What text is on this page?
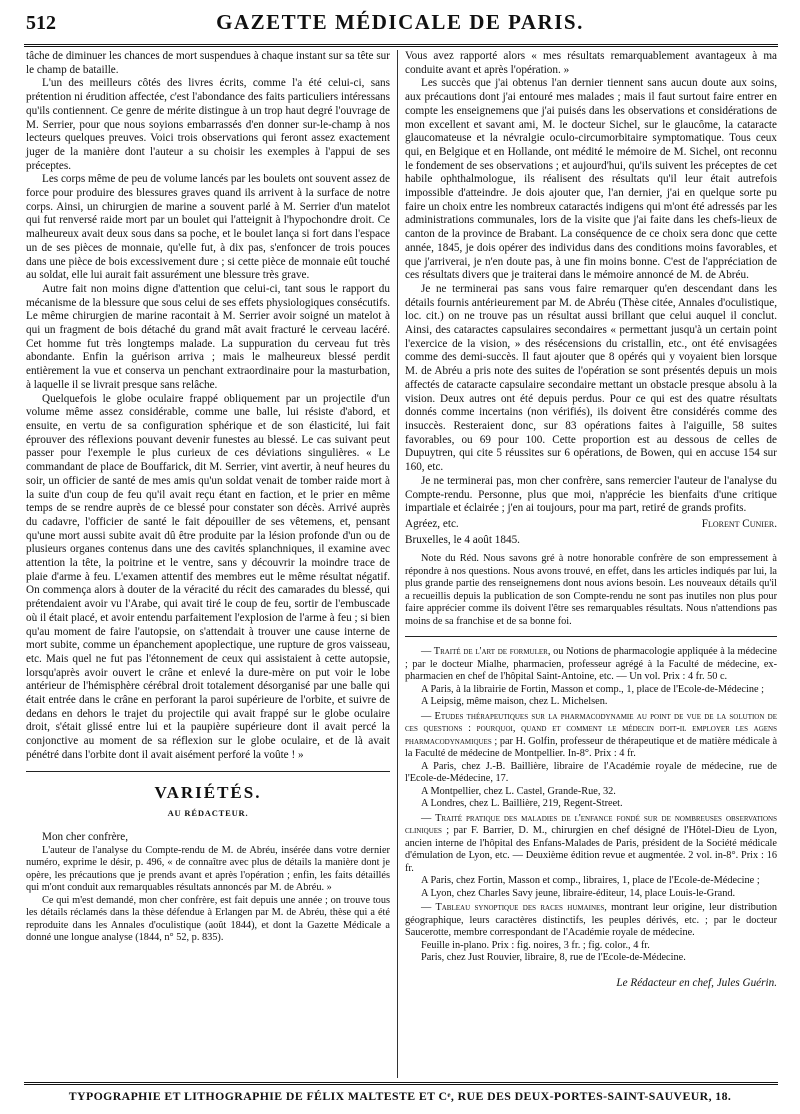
512	GAZETTE MÉDICALE DE PARIS.

tâche de diminuer les chances de mort suspendues à chaque instant sur sa tête sur le champ de bataille.

L'un des meilleurs côtés des livres écrits, comme l'a été celui-ci, sans prétention ni érudition affectée, c'est l'abondance des faits particuliers intéressans qu'ils contiennent. Ce genre de mérite distingue à un trop haut degré l'ouvrage de M. Serrier, pour que nous soyions embarrassés d'en donner sur-le-champ à nos lecteurs quelques preuves. Voici trois observations qui feront assez exactement juger de la manière dont l'auteur a su choisir les exemples à l'appui de ses préceptes.

Les corps même de peu de volume lancés par les boulets ont souvent assez de force pour produire des blessures graves quand ils arrivent à la surface de notre corps. Ainsi, un chirurgien de marine a souvent parlé à M. Serrier d'un matelot qui fut renversé raide mort par un boulet qui l'atteignit à l'hypochondre droit. Ce malheureux avait deux sous dans sa poche, et le boulet lança si fort dans l'espace un de ses pièces de monnaie, qu'elle fut, à dix pas, s'enfoncer de trois pouces dans une pièce de bois excessivement dure ; si cette pièce de monnaie eût touché au soldat, elle lui aurait fait assurément une blessure très grave.

Autre fait non moins digne d'attention que celui-ci, tant sous le rapport du mécanisme de la blessure que sous celui de ses effets physiologiques consécutifs. Le même chirurgien de marine racontait à M. Serrier avoir soigné un matelot à qui un fragment de bois détaché du grand mât avait fracturé le cerveau lacéré. Cet homme fut très longtemps malade. La suppuration du cerveau fut très abondante. Enfin la guérison arriva ; mais le malheureux blessé perdit entièrement la vue et conserva un penchant extraordinaire pour la masturbation, à laquelle il se livrait presque sans relâche.

Quelquefois le globe oculaire frappé obliquement par un projectile d'un volume même assez considérable, comme une balle, lui résiste d'abord, et ensuite, en vertu de sa configuration sphérique et de son élasticité, lui fait éprouver des réflexions pouvant devenir funestes au blessé. Le cas suivant peut passer pour l'exemple le plus curieux de ces déviations singulières. « Le commandant de place de Bouffarick, dit M. Serrier, vint avertir, à neuf heures du soir, un officier de santé de mes amis qu'un soldat venait de tomber raide mort à la suite d'un coup de feu qu'il avait reçu étant en faction, et le prier en même temps de se rendre auprès de ce blessé pour constater son décès. Arrivé auprès du cadavre, l'officier de santé le fait dépouiller de ses vêtemens, et, pensant qu'une mort aussi subite avait dû être produite par la lésion profonde d'un ou de plusieurs organes contenus dans une des cavités splanchniques, il examine avec attention la tête, la poitrine et le ventre, sans y découvrir la moindre trace de plaie d'arme à feu. L'examen attentif des membres eut le même résultat négatif. On commença alors à douter de la véracité du récit des camarades du blessé, qui prétendaient avoir vu l'Arabe, qui avait tiré le coup de feu, sortir de l'embuscade où il était placé, et avoir entendu parfaitement l'explosion de l'arme à feu ; si bien qu'au moment de faire l'autopsie, on s'attendait à trouver une cause interne de mort subite, comme un épanchement apoplectique, une rupture de gros vaisseau, etc. Mais quel ne fut pas l'étonnement de ceux qui assistaient à cette autopsie, lorsqu'après avoir ouvert le crâne et enlevé la dure-mère on put voir le lobe antérieur de l'hémisphère cérébral droit totalement désorganisé par une balle qui était entrée dans le crâne en perforant la paroi supérieure de l'orbite, et suivre de dedans en dehors le trajet du projectile qui avait frappé sur le globe oculaire droit, s'était glissé entre lui et la paupière supérieure dont il avait percé la conjonctive au moment de sa réflexion sur le globe oculaire, et de là avait pénétré dans l'orbite dont il avait aisément perforé la voûte ! »

VARIÉTÉS.
AU RÉDACTEUR.

Mon cher confrère,

L'auteur de l'analyse du Compte-rendu de M. de Abréu, insérée dans votre dernier numéro, exprime le désir, p. 496, « de connaître avec plus de détails la manière dont je opère, les précautions que je prends avant et après l'opération ; enfin, les faits détaillés qui m'ont conduit aux remarquables résultats annoncés par M. de Abréu. »

Ce qui m'est demandé, mon cher confrère, est fait depuis une année ; on trouve tous les détails réclamés dans la thèse défendue à Erlangen par M. de Abréu, thèse qui a été reproduite dans les Annales d'oculistique (août 1844), et dont la Gazette Médicale a donné une longue analyse (1844, n° 52, p. 835).

Vous avez rapporté alors « mes résultats remarquablement avantageux à ma conduite avant et après l'opération. »

Les succès que j'ai obtenus l'an dernier tiennent sans aucun doute aux soins, aux précautions dont j'ai entouré mes malades ; mais il faut surtout faire entrer en compte les enseignemens que j'ai puisés dans les observations et considérations de mon excellent et savant ami, M. le docteur Sichel, sur le glaucôme, la cataracte glaucomateuse et la névralgie oculo-circumorbitaire symptomatique. Tous ceux qui, en Belgique et en Hollande, ont médité le mémoire de M. Sichel, ont reconnu le fondement de ses observations ; et aujourd'hui, qu'ils suivent les préceptes de cet habile ophthalmologue, ils réalisent des résultats qu'il leur était autrefois impossible d'atteindre. Je dois ajouter que, l'an dernier, j'ai en quelque sorte pu faire un choix entre les nombreux cataractés indigens qui m'ont été adressés par les administrations communales, lors de la visite que j'ai faite dans les chefs-lieux de canton de la province de Brabant. La conséquence de ce choix sera donc que cette année, 1845, je dois opérer des individus dans des conditions moins favorables, et que j'arriverai, je n'en doute pas, à une fin moins bonne. C'est de l'appréciation de ces résultats divers que je traiterai dans le mémoire annoncé de M. de Abréu.

Je ne terminerai pas sans vous faire remarquer qu'en descendant dans les détails fournis antérieurement par M. de Abréu (Thèse citée, Annales d'oculistique, loc. cit.) on ne trouve pas un résultat aussi brillant que celui auquel il conclut. Ainsi, des cataractes capsulaires secondaires « permettant jusqu'à un certain point l'exercice de la vision, » des résécensions du cristallin, etc., ont été envisagées comme des demi-succès. Il faut ajouter que 8 opérés qui y voyaient bien lorsque M. de Abréu a pris note des suites de l'opération se sont présentés depuis un mois affectés de cataracte capsulaire secondaire mettant un obstacle presque absolu à la vision. Deux autres ont été depuis perdus. Pour ce qui est des quatre résultats donnés comme incertains (non vérifiés), ils doivent être considérés comme des insuccès. Resteraient donc, sur 83 opérations faites à l'aiguille, 58 suites favorables, ou 69 pour 100. Cette proportion est au dessous de celles de Dupuytren, qui cite 5 réussites sur 6 opérations, de Bowen, qui en accuse 154 sur 160, etc.

Je ne terminerai pas, mon cher confrère, sans remercier l'auteur de l'analyse du Compte-rendu. Personne, plus que moi, n'apprécie les bienfaits d'une critique impartiale et éclairée ; j'en ai toujours, pour ma part, retiré de grands profits.

Agréez, etc.	Florent Cunier.

Bruxelles, le 4 août 1845.

Note du Réd. Nous savons gré à notre honorable confrère de son empressement à répondre à nos questions. Nous avons trouvé, en effet, dans les articles indiqués par lui, la plus grande partie des renseignemens dont nous avions besoin. Les nouveaux détails qu'il a recueillis depuis la publication de son Compte-rendu ne sont pas inutiles non plus pour faire apprécier comme ils doivent l'être ses remarquables résultats. Nous n'attendions pas moins de sa franchise et de sa bonne foi.

— Traité de l'art de formuler, ou Notions de pharmacologie appliquée à la médecine ; par le docteur Mialhe, pharmacien, professeur agrégé à la Faculté de médecine, ex-pharmacien en chef de l'hôpital Saint-Antoine, etc. — Un vol. Prix : 4 fr. 50 c.

A Paris, à la librairie de Fortin, Masson et comp., 1, place de l'Ecole-de-Médecine ;

A Leipsig, même maison, chez L. Michelsen.

— Etudes thérapeutiques sur la pharmacodynamie au point de vue de la solution de ces questions : pourquoi, quand et comment le médecin doit-il employer les agens pharmacodynamiques ; par H. Golfin, professeur de thérapeutique et de matière médicale à la Faculté de médecine de Montpellier. In-8°. Prix : 4 fr.

A Paris, chez J.-B. Baillière, libraire de l'Académie royale de médecine, rue de l'Ecole-de-Médecine, 17.

A Montpellier, chez L. Castel, Grande-Rue, 32.

A Londres, chez L. Baillière, 219, Regent-Street.

— Traité pratique des maladies de l'enfance fondé sur de nombreuses observations cliniques ; par F. Barrier, D. M., chirurgien en chef désigné de l'Hôtel-Dieu de Lyon, ancien interne de l'hôpital des Enfans-Malades de Paris, président de la Société médicale d'émulation de Lyon, etc. — Deuxième édition revue et augmentée. 2 vol. in-8°. Prix : 16 fr.

A Paris, chez Fortin, Masson et comp., libraires, 1, place de l'Ecole-de-Médecine ;

A Lyon, chez Charles Savy jeune, libraire-éditeur, 14, place Louis-le-Grand.

— Tableau synoptique des races humaines, montrant leur origine, leur distribution géographique, leurs caractères distinctifs, les peuples dérivés, etc. ; par le docteur Saucerotte, membre correspondant de l'Académie royale de médecine.

Feuille in-plano. Prix : fig. noires, 3 fr. ; fig. color., 4 fr.

Paris, chez Just Rouvier, libraire, 8, rue de l'Ecole-de-Médecine.

Le Rédacteur en chef, Jules Guérin.
TYPOGRAPHIE ET LITHOGRAPHIE DE FÉLIX MALTESTE ET Cᵉ, RUE DES DEUX-PORTES-SAINT-SAUVEUR, 18.
